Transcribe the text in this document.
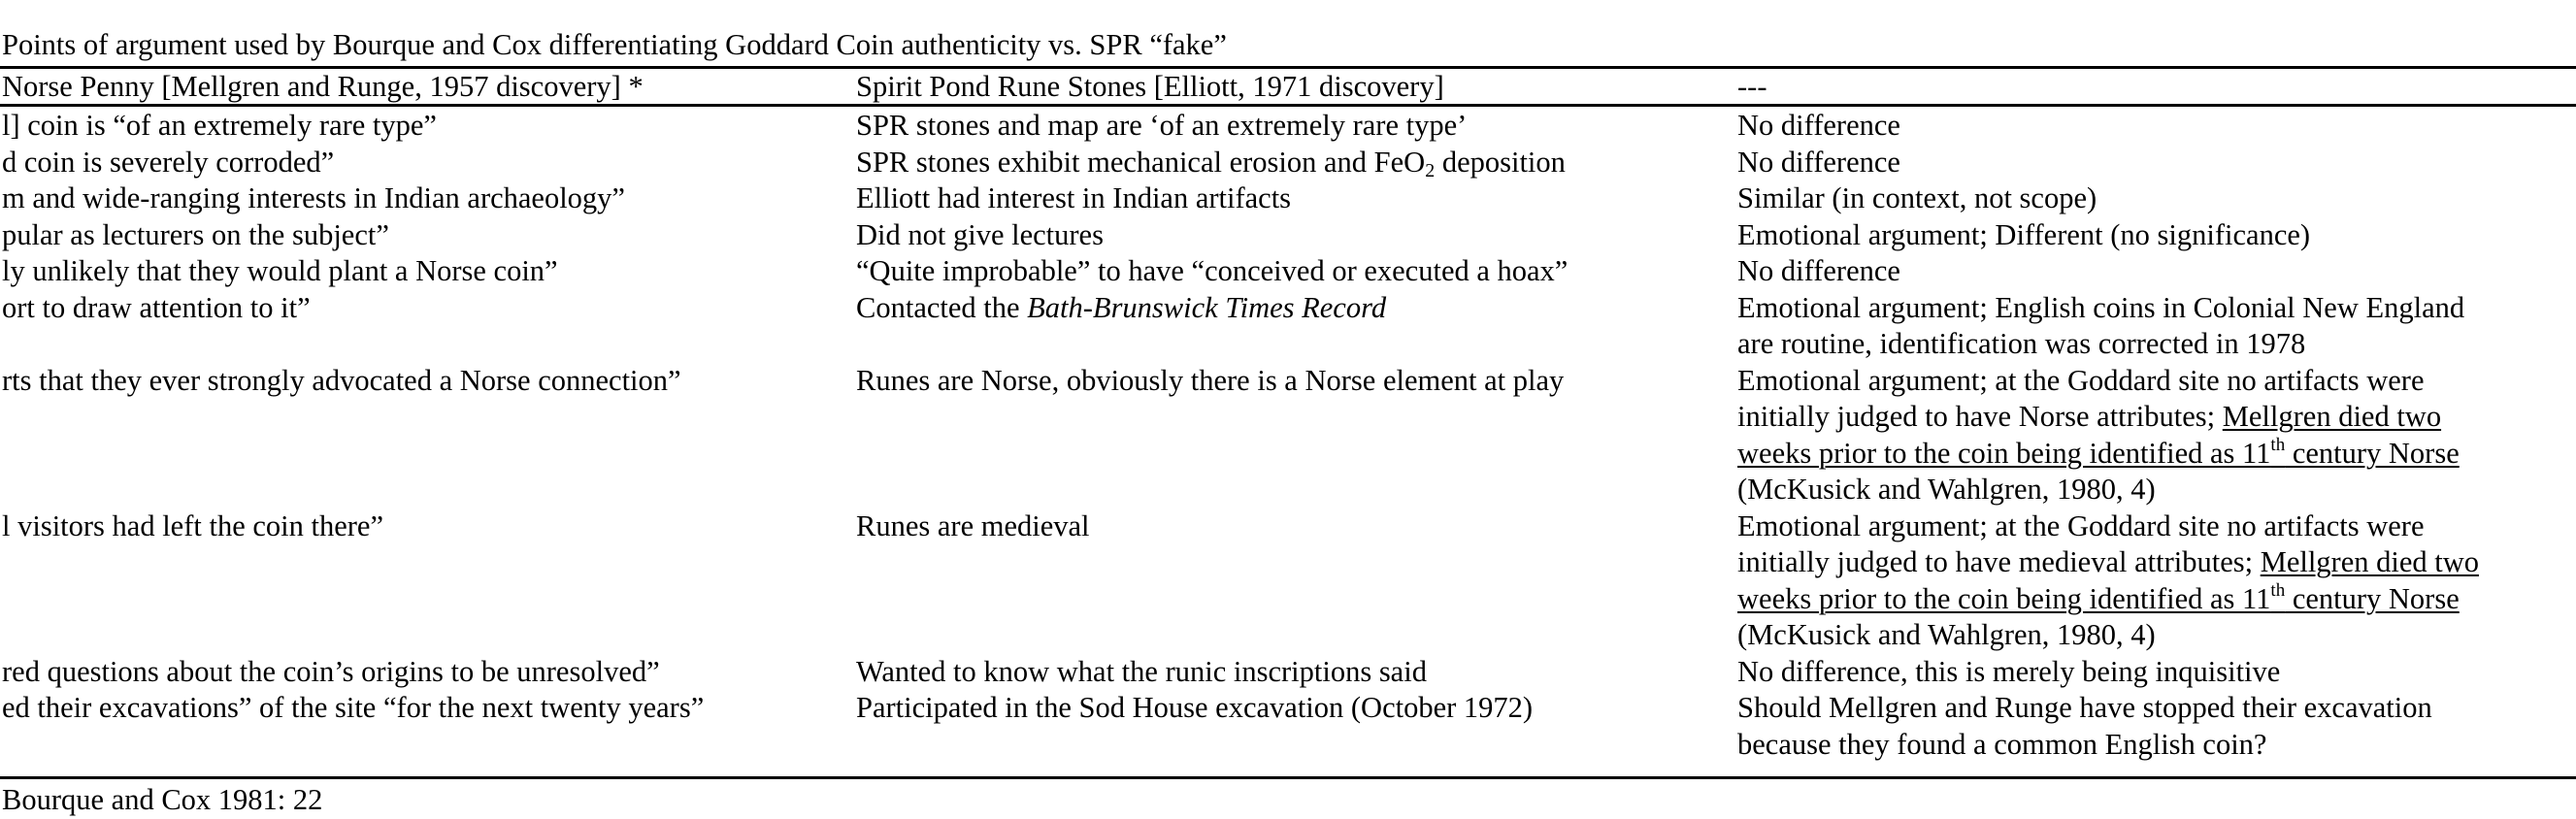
Points of argument used by Bourque and Cox differentiating Goddard Coin authenticity vs. SPR “fake”
Norse Penny [Mellgren and Runge, 1957 discovery] *	Spirit Pond Rune Stones [Elliott, 1971 discovery]	---
l] coin is “of an extremely rare type”	SPR stones and map are ‘of an extremely rare type’	No difference
d coin is severely corroded”	SPR stones exhibit mechanical erosion and FeO$_2$ deposition	No difference
m and wide-ranging interests in Indian archaeology”	Elliott had interest in Indian artifacts	Similar (in context, not scope)
pular as lecturers on the subject”	Did not give lectures	Emotional argument; Different (no significance)
ly unlikely that they would plant a Norse coin”	“Quite improbable” to have “conceived or executed a hoax”	No difference
ort to draw attention to it”	Contacted the Bath-Brunswick Times Record	Emotional argument; English coins in Colonial New England
are routine, identification was corrected in 1978
rts that they ever strongly advocated a Norse connection”	Runes are Norse, obviously there is a Norse element at play	Emotional argument; at the Goddard site no artifacts were
initially judged to have Norse attributes; Mellgren died two
weeks prior to the coin being identified as 11th century Norse
(McKusick and Wahlgren, 1980, 4)
l visitors had left the coin there”	Runes are medieval	Emotional argument; at the Goddard site no artifacts were
initially judged to have medieval attributes; Mellgren died two
weeks prior to the coin being identified as 11th century Norse
(McKusick and Wahlgren, 1980, 4)
red questions about the coin’s origins to be unresolved”	Wanted to know what the runic inscriptions said	No difference, this is merely being inquisitive
ed their excavations” of the site “for the next twenty years”	Participated in the Sod House excavation (October 1972)	Should Mellgren and Runge have stopped their excavation
because they found a common English coin?
Bourque and Cox 1981: 22
